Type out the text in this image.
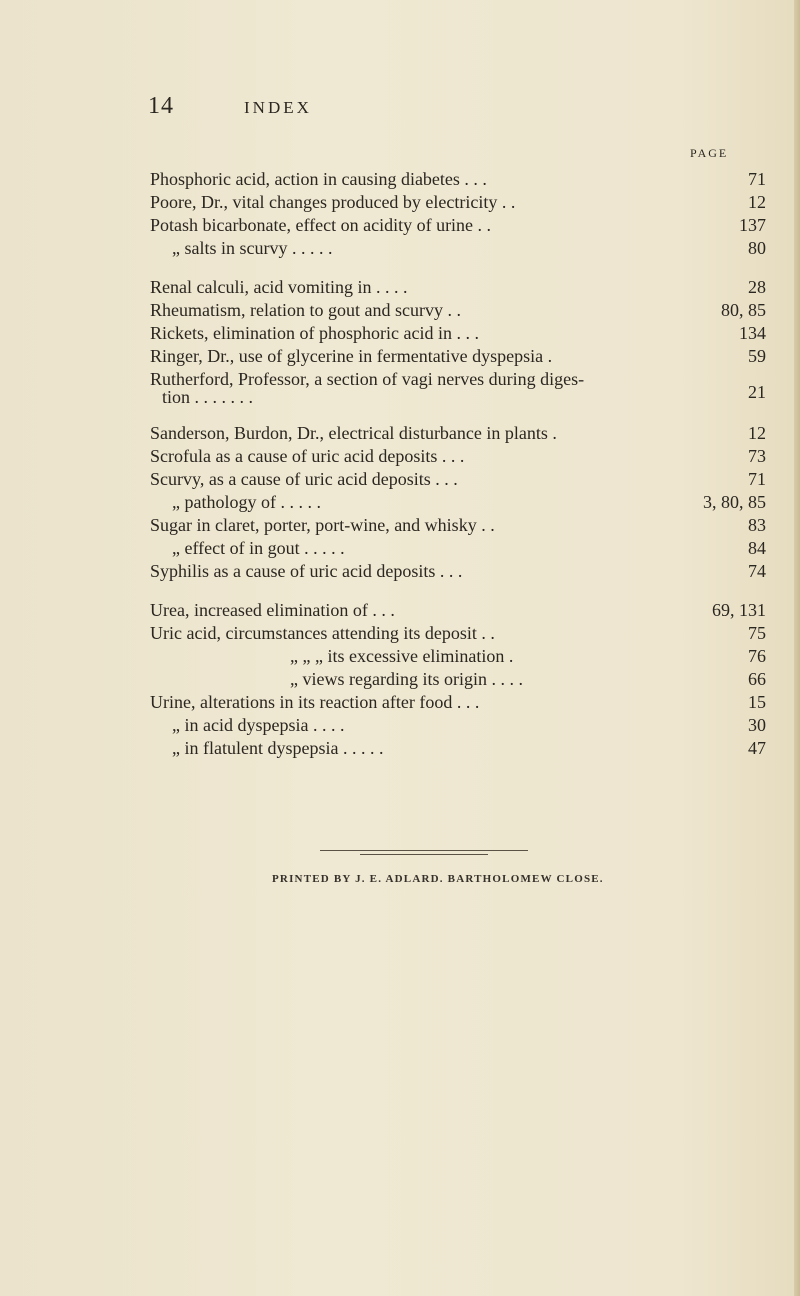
14	INDEX
PAGE
Phosphoric acid, action in causing diabetes . . .	71
Poore, Dr., vital changes produced by electricity . .	12
Potash bicarbonate, effect on acidity of urine . .	137
„ salts in scurvy . . . . .	80
Renal calculi, acid vomiting in . . . .	28
Rheumatism, relation to gout and scurvy . .	80, 85
Rickets, elimination of phosphoric acid in . . .	134
Ringer, Dr., use of glycerine in fermentative dyspepsia .	59
Rutherford, Professor, a section of vagi nerves during diges-
tion . . . . . . .	21
Sanderson, Burdon, Dr., electrical disturbance in plants .	12
Scrofula as a cause of uric acid deposits . . .	73
Scurvy, as a cause of uric acid deposits . . .	71
„ pathology of . . . . .	3, 80, 85
Sugar in claret, porter, port-wine, and whisky . .	83
„ effect of in gout . . . . .	84
Syphilis as a cause of uric acid deposits . . .	74
Urea, increased elimination of . . .	69, 131
Uric acid, circumstances attending its deposit . .	75
„ „ „ its excessive elimination .	76
„ views regarding its origin . . . .	66
Urine, alterations in its reaction after food . . .	15
„ in acid dyspepsia . . . .	30
„ in flatulent dyspepsia . . . . .	47
PRINTED BY J. E. ADLARD. BARTHOLOMEW CLOSE.
